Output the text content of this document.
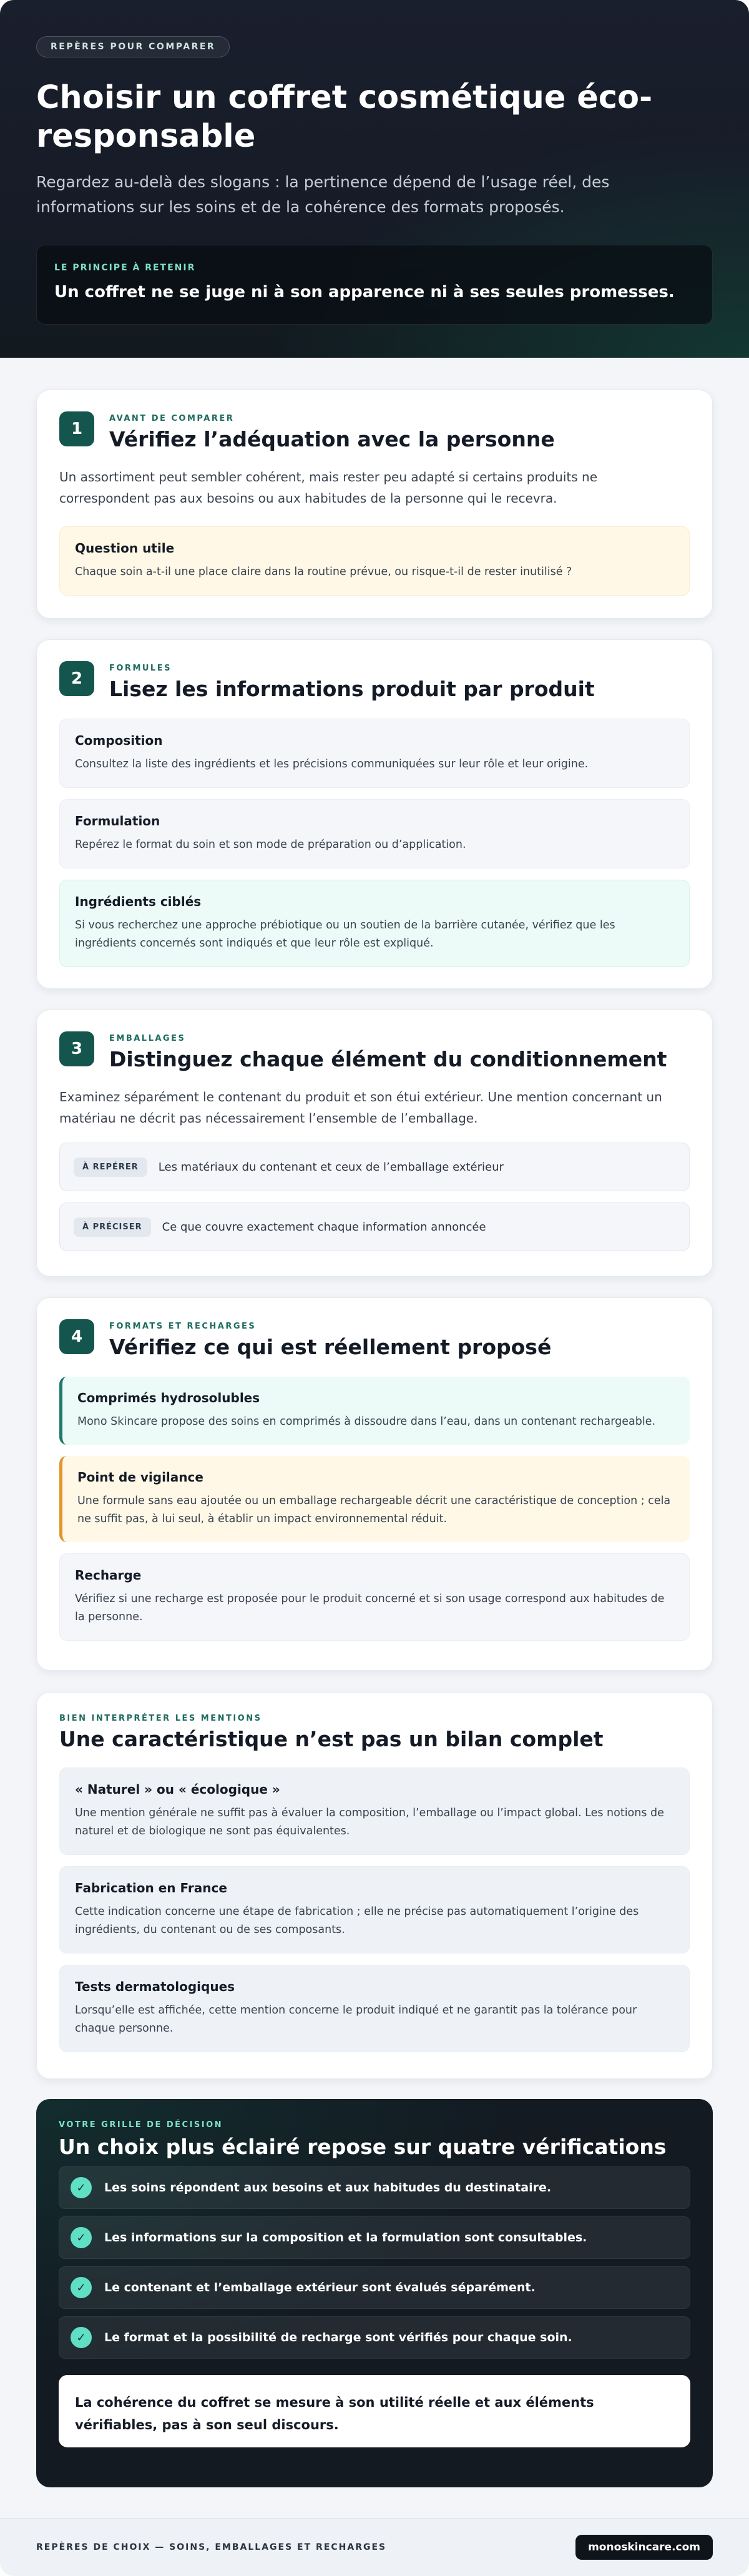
REPÈRES POUR COMPARER
Choisir un coffret cosmétique éco-responsable

Regardez au-delà des slogans : la pertinence dépend de l’usage réel, des informations sur les soins et de la cohérence des formats proposés.

LE PRINCIPE À RETENIR
Un coffret ne se juge ni à son apparence ni à ses seules promesses.
1
AVANT DE COMPARER
Vérifiez l’adéquation avec la personne

Un assortiment peut sembler cohérent, mais rester peu adapté si certains produits ne correspondent pas aux besoins ou aux habitudes de la personne qui le recevra.

Question utile
Chaque soin a-t-il une place claire dans la routine prévue, ou risque-t-il de rester inutilisé ?
2
FORMULES
Lisez les informations produit par produit
Composition
Consultez la liste des ingrédients et les précisions communiquées sur leur rôle et leur origine.
Formulation
Repérez le format du soin et son mode de préparation ou d’application.
Ingrédients ciblés
Si vous recherchez une approche prébiotique ou un soutien de la barrière cutanée, vérifiez que les ingrédients concernés sont indiqués et que leur rôle est expliqué.
3
EMBALLAGES
Distinguez chaque élément du conditionnement

Examinez séparément le contenant du produit et son étui extérieur. Une mention concernant un matériau ne décrit pas nécessairement l’ensemble de l’emballage.

À REPÉRER	Les matériaux du contenant et ceux de l’emballage extérieur
À PRÉCISER	Ce que couvre exactement chaque information annoncée
4
FORMATS ET RECHARGES
Vérifiez ce qui est réellement proposé
Comprimés hydrosolubles
Mono Skincare propose des soins en comprimés à dissoudre dans l’eau, dans un contenant rechargeable.
Point de vigilance
Une formule sans eau ajoutée ou un emballage rechargeable décrit une caractéristique de conception ; cela ne suffit pas, à lui seul, à établir un impact environnemental réduit.
Recharge
Vérifiez si une recharge est proposée pour le produit concerné et si son usage correspond aux habitudes de la personne.
BIEN INTERPRÉTER LES MENTIONS
Une caractéristique n’est pas un bilan complet
« Naturel » ou « écologique »
Une mention générale ne suffit pas à évaluer la composition, l’emballage ou l’impact global. Les notions de naturel et de biologique ne sont pas équivalentes.
Fabrication en France
Cette indication concerne une étape de fabrication ; elle ne précise pas automatiquement l’origine des ingrédients, du contenant ou de ses composants.
Tests dermatologiques
Lorsqu’elle est affichée, cette mention concerne le produit indiqué et ne garantit pas la tolérance pour chaque personne.
VOTRE GRILLE DE DÉCISION
Un choix plus éclairé repose sur quatre vérifications
✓	Les soins répondent aux besoins et aux habitudes du destinataire.
✓	Les informations sur la composition et la formulation sont consultables.
✓	Le contenant et l’emballage extérieur sont évalués séparément.
✓	Le format et la possibilité de recharge sont vérifiés pour chaque soin.
La cohérence du coffret se mesure à son utilité réelle et aux éléments vérifiables, pas à son seul discours.
REPÈRES DE CHOIX — SOINS, EMBALLAGES ET RECHARGES	monoskincare.com
